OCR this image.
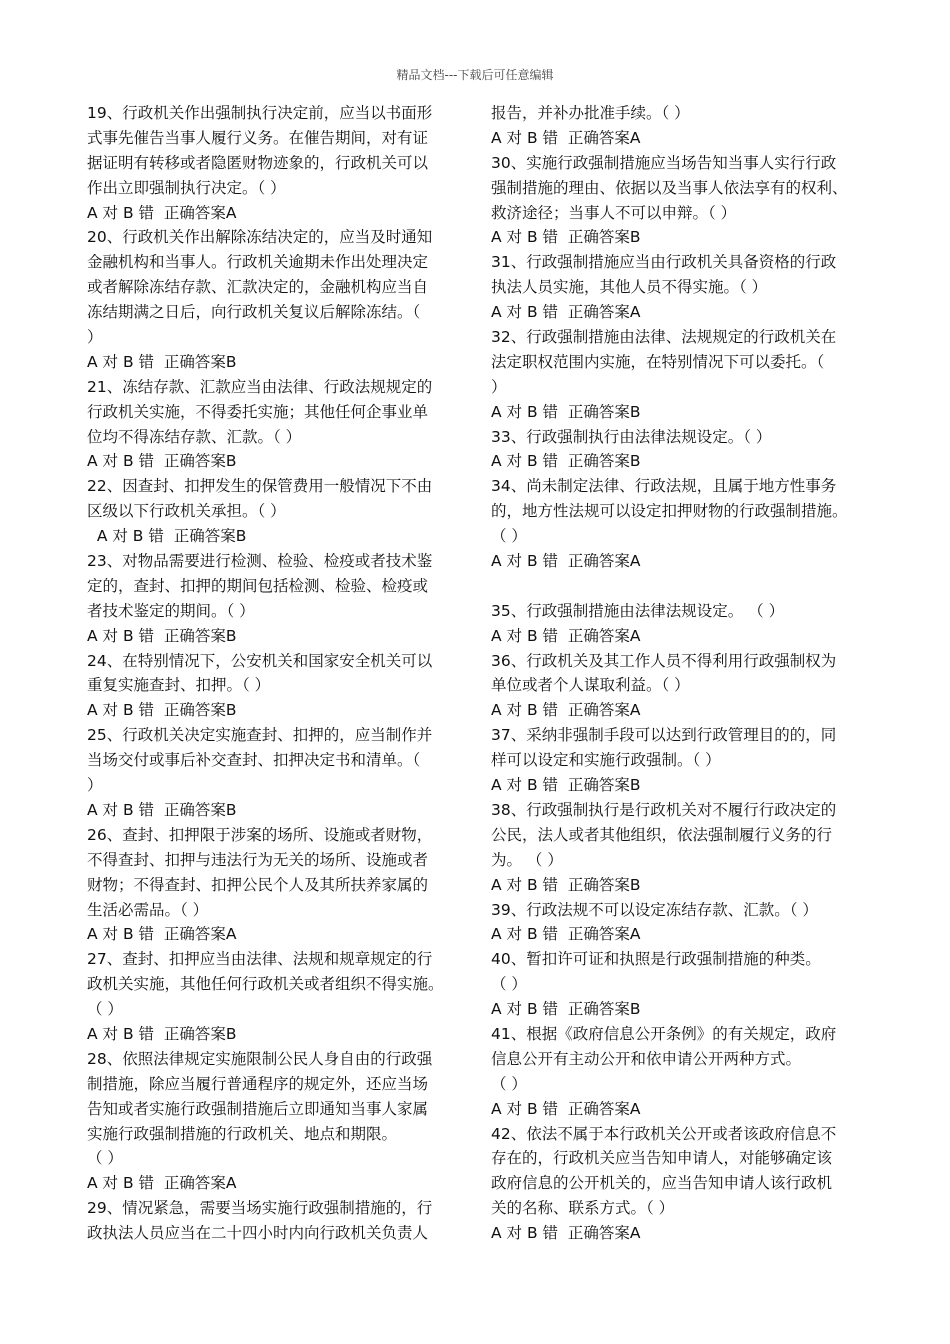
精品文档---下载后可任意编辑
19、行政机关作出强制执行决定前，应当以书面形
式事先催告当事人履行义务。在催告期间，对有证
据证明有转移或者隐匿财物迹象的，行政机关可以
作出立即强制执行决定。（ ）
A 对 B 错  正确答案A
20、行政机关作出解除冻结决定的，应当及时通知
金融机构和当事人。行政机关逾期未作出处理决定
或者解除冻结存款、汇款决定的，金融机构应当自
冻结期满之日后，向行政机关复议后解除冻结。（
）
A 对 B 错  正确答案B
21、冻结存款、汇款应当由法律、行政法规规定的
行政机关实施，不得委托实施；其他任何企事业单
位均不得冻结存款、汇款。（ ）
A 对 B 错  正确答案B
22、因查封、扣押发生的保管费用一般情况下不由
区级以下行政机关承担。（ ）
A 对 B 错  正确答案B
23、对物品需要进行检测、检验、检疫或者技术鉴
定的，查封、扣押的期间包括检测、检验、检疫或
者技术鉴定的期间。（ ）
A 对 B 错  正确答案B
24、在特别情况下，公安机关和国家安全机关可以
重复实施查封、扣押。（ ）
A 对 B 错  正确答案B
25、行政机关决定实施查封、扣押的，应当制作并
当场交付或事后补交查封、扣押决定书和清单。（
）
A 对 B 错  正确答案B
26、查封、扣押限于涉案的场所、设施或者财物，
不得查封、扣押与违法行为无关的场所、设施或者
财物；不得查封、扣押公民个人及其所扶养家属的
生活必需品。（ ）
A 对 B 错  正确答案A
27、查封、扣押应当由法律、法规和规章规定的行
政机关实施，其他任何行政机关或者组织不得实施。
（ ）
A 对 B 错  正确答案B
28、依照法律规定实施限制公民人身自由的行政强
制措施，除应当履行普通程序的规定外，还应当场
告知或者实施行政强制措施后立即通知当事人家属
实施行政强制措施的行政机关、地点和期限。
（ ）
A 对 B 错  正确答案A
29、情况紧急，需要当场实施行政强制措施的，行
政执法人员应当在二十四小时内向行政机关负责人
报告，并补办批准手续。（ ）
A 对 B 错  正确答案A
30、实施行政强制措施应当场告知当事人实行行政
强制措施的理由、依据以及当事人依法享有的权利、
救济途径；当事人不可以申辩。（ ）
A 对 B 错  正确答案B
31、行政强制措施应当由行政机关具备资格的行政
执法人员实施，其他人员不得实施。（ ）
A 对 B 错  正确答案A
32、行政强制措施由法律、法规规定的行政机关在
法定职权范围内实施，在特别情况下可以委托。（
）
A 对 B 错  正确答案B
33、行政强制执行由法律法规设定。（ ）
A 对 B 错  正确答案B
34、尚未制定法律、行政法规，且属于地方性事务
的，地方性法规可以设定扣押财物的行政强制措施。
（ ）
A 对 B 错  正确答案A
35、行政强制措施由法律法规设定。 （ ）
A 对 B 错  正确答案A
36、行政机关及其工作人员不得利用行政强制权为
单位或者个人谋取利益。（ ）
A 对 B 错  正确答案A
37、采纳非强制手段可以达到行政管理目的的，同
样可以设定和实施行政强制。（ ）
A 对 B 错  正确答案B
38、行政强制执行是行政机关对不履行行政决定的
公民，法人或者其他组织，依法强制履行义务的行
为。 （ ）
A 对 B 错  正确答案B
39、行政法规不可以设定冻结存款、汇款。（ ）
A 对 B 错  正确答案A
40、暂扣许可证和执照是行政强制措施的种类。
（ ）
A 对 B 错  正确答案B
41、根据《政府信息公开条例》的有关规定，政府
信息公开有主动公开和依申请公开两种方式。
（ ）
A 对 B 错  正确答案A
42、依法不属于本行政机关公开或者该政府信息不
存在的，行政机关应当告知申请人，对能够确定该
政府信息的公开机关的，应当告知申请人该行政机
关的名称、联系方式。（ ）
A 对 B 错  正确答案A
